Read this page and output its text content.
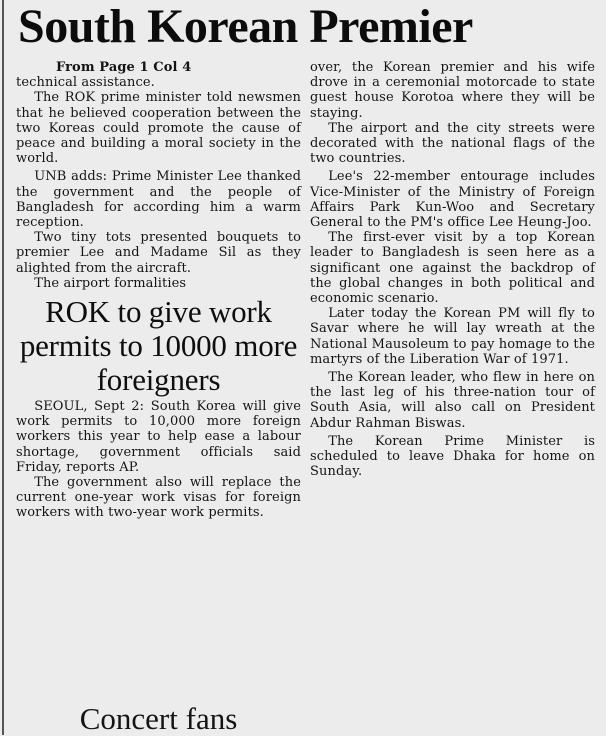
South Korean Premier

From Page 1 Col 4

technical assistance.

The ROK prime minister told newsmen that he believed cooperation between the two Koreas could promote the cause of peace and building a moral society in the world.

UNB adds: Prime Minister Lee thanked the government and the people of Bangladesh for according him a warm reception.

Two tiny tots presented bouquets to premier Lee and Madame Sil as they alighted from the aircraft.

The airport formalities

ROK to give work permits to 10000 more foreigners

SEOUL, Sept 2: South Korea will give work permits to 10,000 more foreign workers this year to help ease a labour shortage, government officials said Friday, reports AP.

The government also will replace the current one-year work visas for foreign workers with two-year work permits.

Concert fans

over, the Korean premier and his wife drove in a ceremonial motorcade to state guest house Korotoa where they will be staying.

The airport and the city streets were decorated with the national flags of the two countries.

Lee's 22-member entourage includes Vice-Minister of the Ministry of Foreign Affairs Park Kun-Woo and Secretary General to the PM's office Lee Heung-Joo.

The first-ever visit by a top Korean leader to Bangladesh is seen here as a significant one against the backdrop of the global changes in both political and economic scenario.

Later today the Korean PM will fly to Savar where he will lay wreath at the National Mausoleum to pay homage to the martyrs of the Liberation War of 1971.

The Korean leader, who flew in here on the last leg of his three-nation tour of South Asia, will also call on President Abdur Rahman Biswas.

The Korean Prime Minister is scheduled to leave Dhaka for home on Sunday.
